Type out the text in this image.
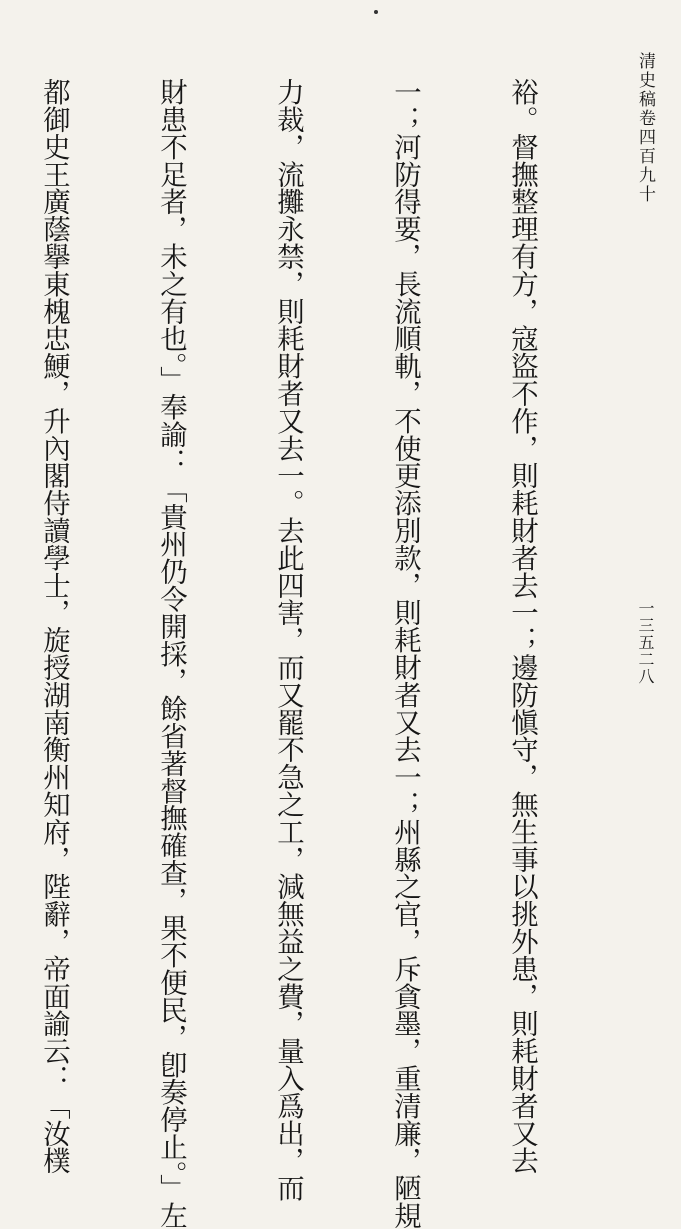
清史稿卷四百九十
一三五二八

裕。督撫整理有方，寇盜不作，則耗財者去一；邊防愼守，無生事以挑外患，則耗財者又去

一；河防得要，長流順軌，不使更添別款，則耗財者又去一；州縣之官，斥貪墨，重清廉，陋規

力裁，流攤永禁，則耗財者又去一。去此四害，而又罷不急之工，減無益之費，量入爲出，而

財患不足者，未之有也。」奉諭：「貴州仍令開採，餘省著督撫確查，果不便民，卽奏停止。」左

都御史王廣蔭擧東槐忠鯁，升內閣侍讀學士，旋授湖南衡州知府，陛辭，帝面諭云：「汝樸
